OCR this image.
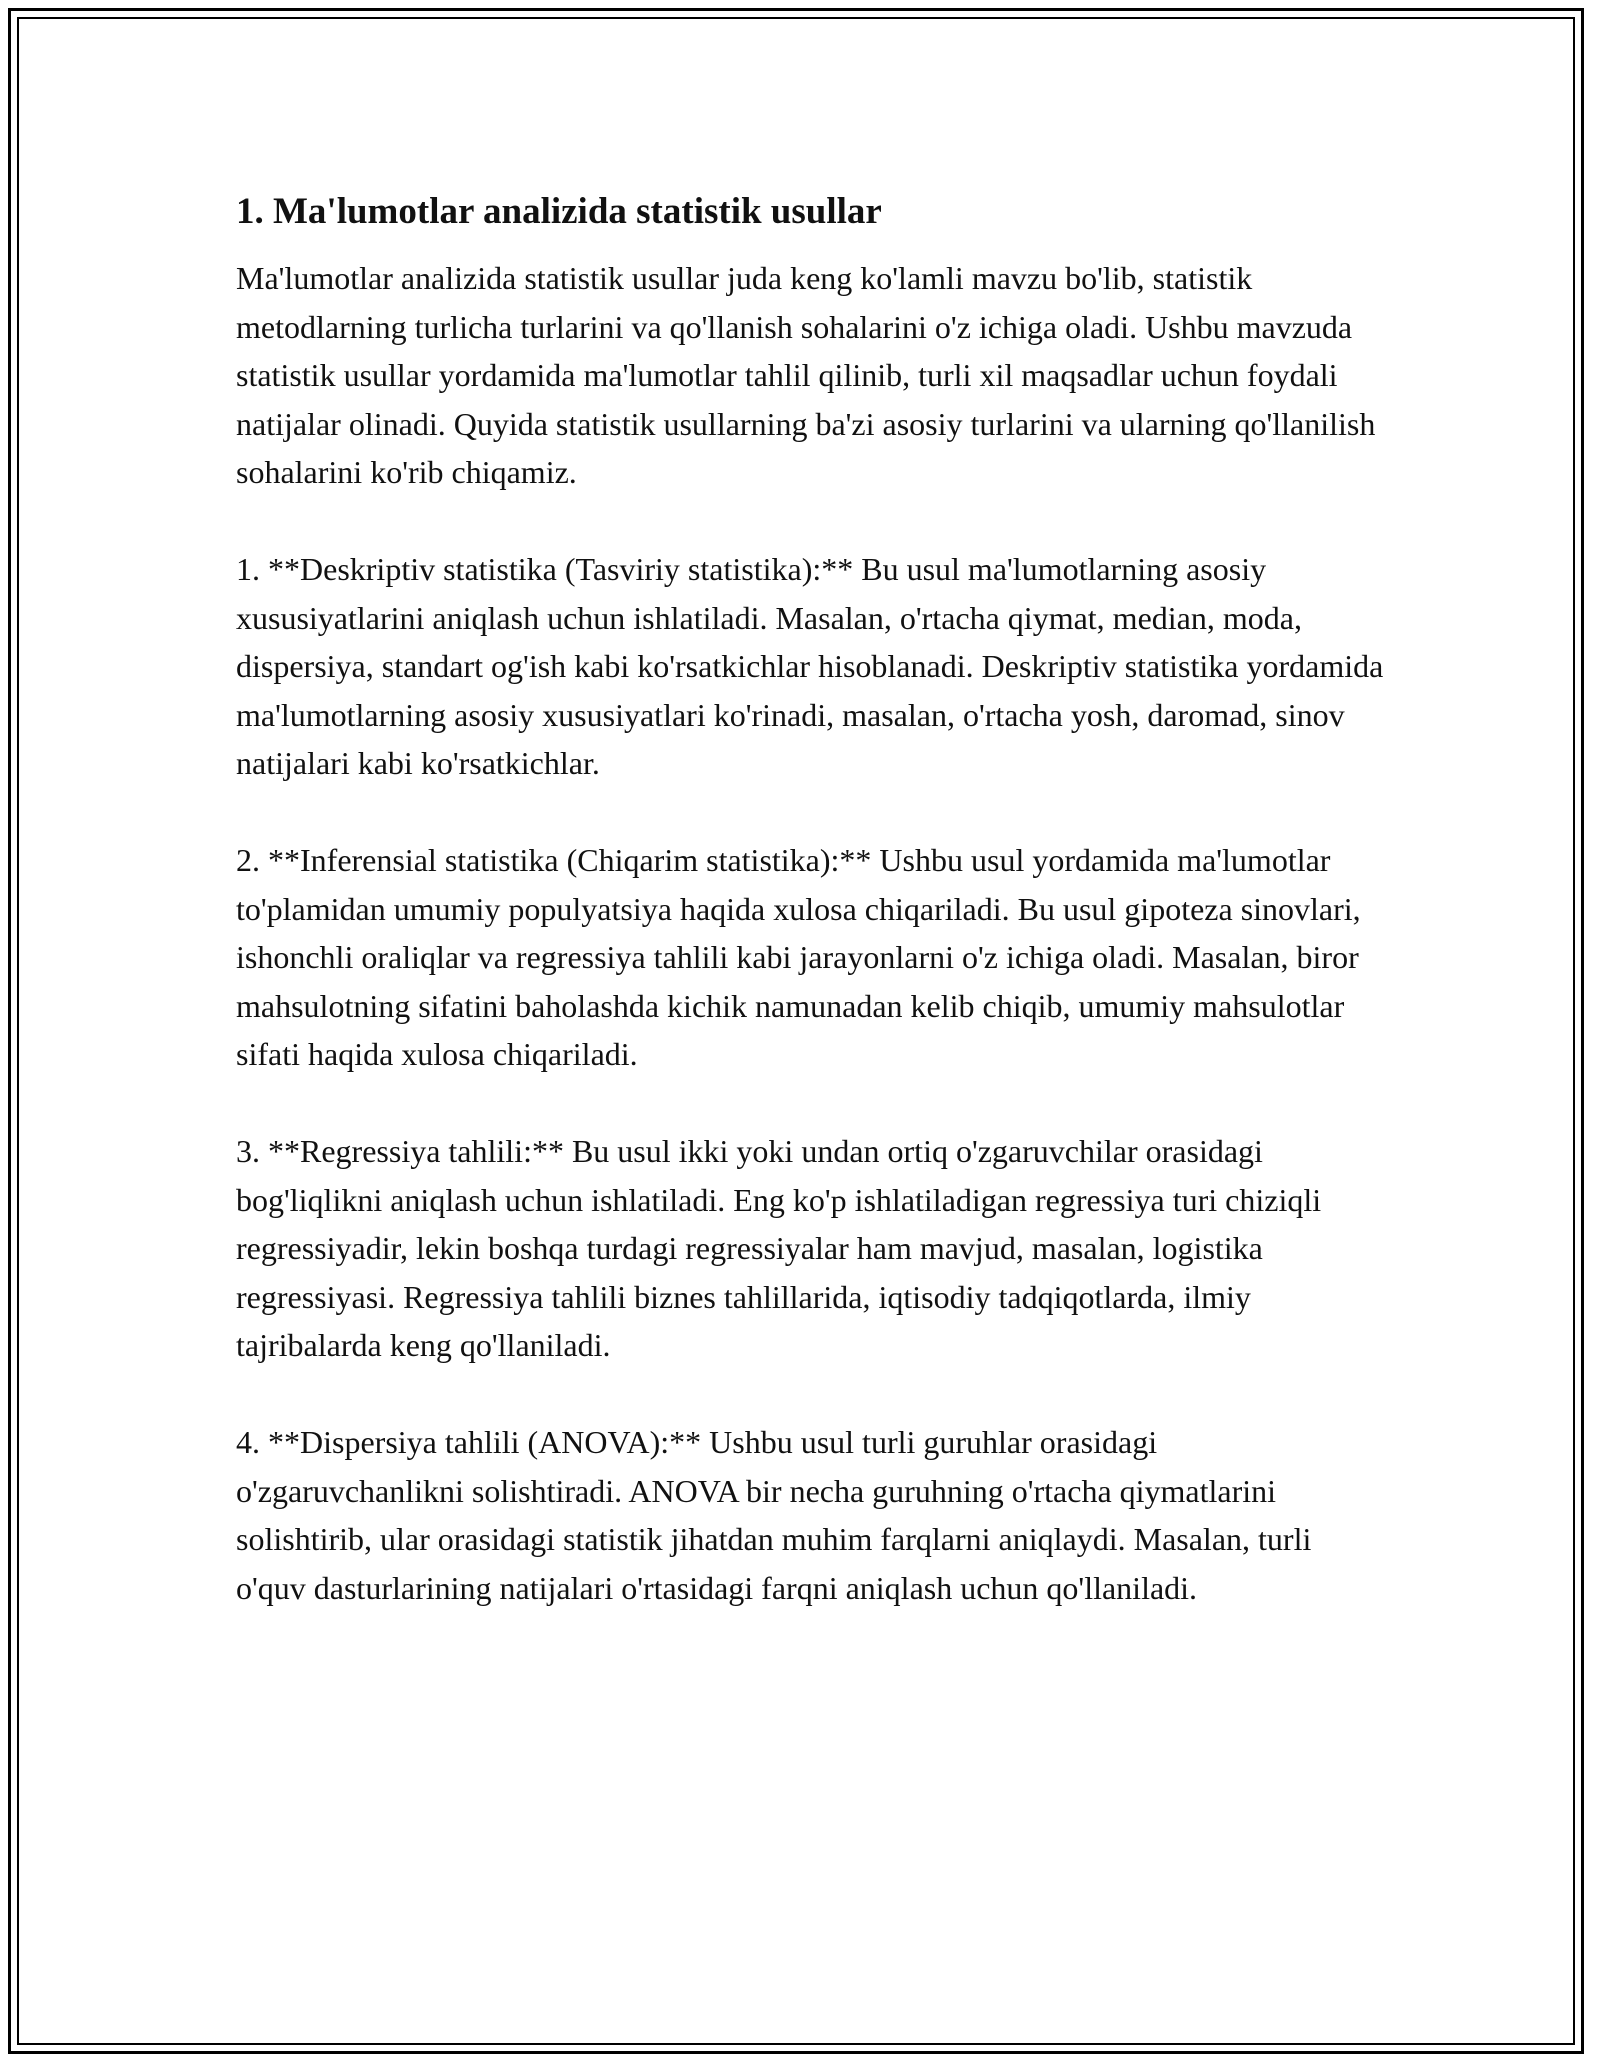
1. Ma'lumotlar analizida statistik usullar

Ma'lumotlar analizida statistik usullar juda keng ko'lamli mavzu bo'lib, statistik metodlarning turlicha turlarini va qo'llanish sohalarini o'z ichiga oladi. Ushbu mavzuda statistik usullar yordamida ma'lumotlar tahlil qilinib, turli xil maqsadlar uchun foydali natijalar olinadi. Quyida statistik usullarning ba'zi asosiy turlarini va ularning qo'llanilish sohalarini ko'rib chiqamiz.

1. **Deskriptiv statistika (Tasviriy statistika):** Bu usul ma'lumotlarning asosiy xususiyatlarini aniqlash uchun ishlatiladi. Masalan, o'rtacha qiymat, median, moda, dispersiya, standart og'ish kabi ko'rsatkichlar hisoblanadi. Deskriptiv statistika yordamida ma'lumotlarning asosiy xususiyatlari ko'rinadi, masalan, o'rtacha yosh, daromad, sinov natijalari kabi ko'rsatkichlar.

2. **Inferensial statistika (Chiqarim statistika):** Ushbu usul yordamida ma'lumotlar to'plamidan umumiy populyatsiya haqida xulosa chiqariladi. Bu usul gipoteza sinovlari, ishonchli oraliqlar va regressiya tahlili kabi jarayonlarni o'z ichiga oladi. Masalan, biror mahsulotning sifatini baholashda kichik namunadan kelib chiqib, umumiy mahsulotlar sifati haqida xulosa chiqariladi.

3. **Regressiya tahlili:** Bu usul ikki yoki undan ortiq o'zgaruvchilar orasidagi bog'liqlikni aniqlash uchun ishlatiladi. Eng ko'p ishlatiladigan regressiya turi chiziqli regressiyadir, lekin boshqa turdagi regressiyalar ham mavjud, masalan, logistika regressiyasi. Regressiya tahlili biznes tahlillarida, iqtisodiy tadqiqotlarda, ilmiy tajribalarda keng qo'llaniladi.

4. **Dispersiya tahlili (ANOVA):** Ushbu usul turli guruhlar orasidagi o'zgaruvchanlikni solishtiradi. ANOVA bir necha guruhning o'rtacha qiymatlarini solishtirib, ular orasidagi statistik jihatdan muhim farqlarni aniqlaydi. Masalan, turli o'quv dasturlarining natijalari o'rtasidagi farqni aniqlash uchun qo'llaniladi.
